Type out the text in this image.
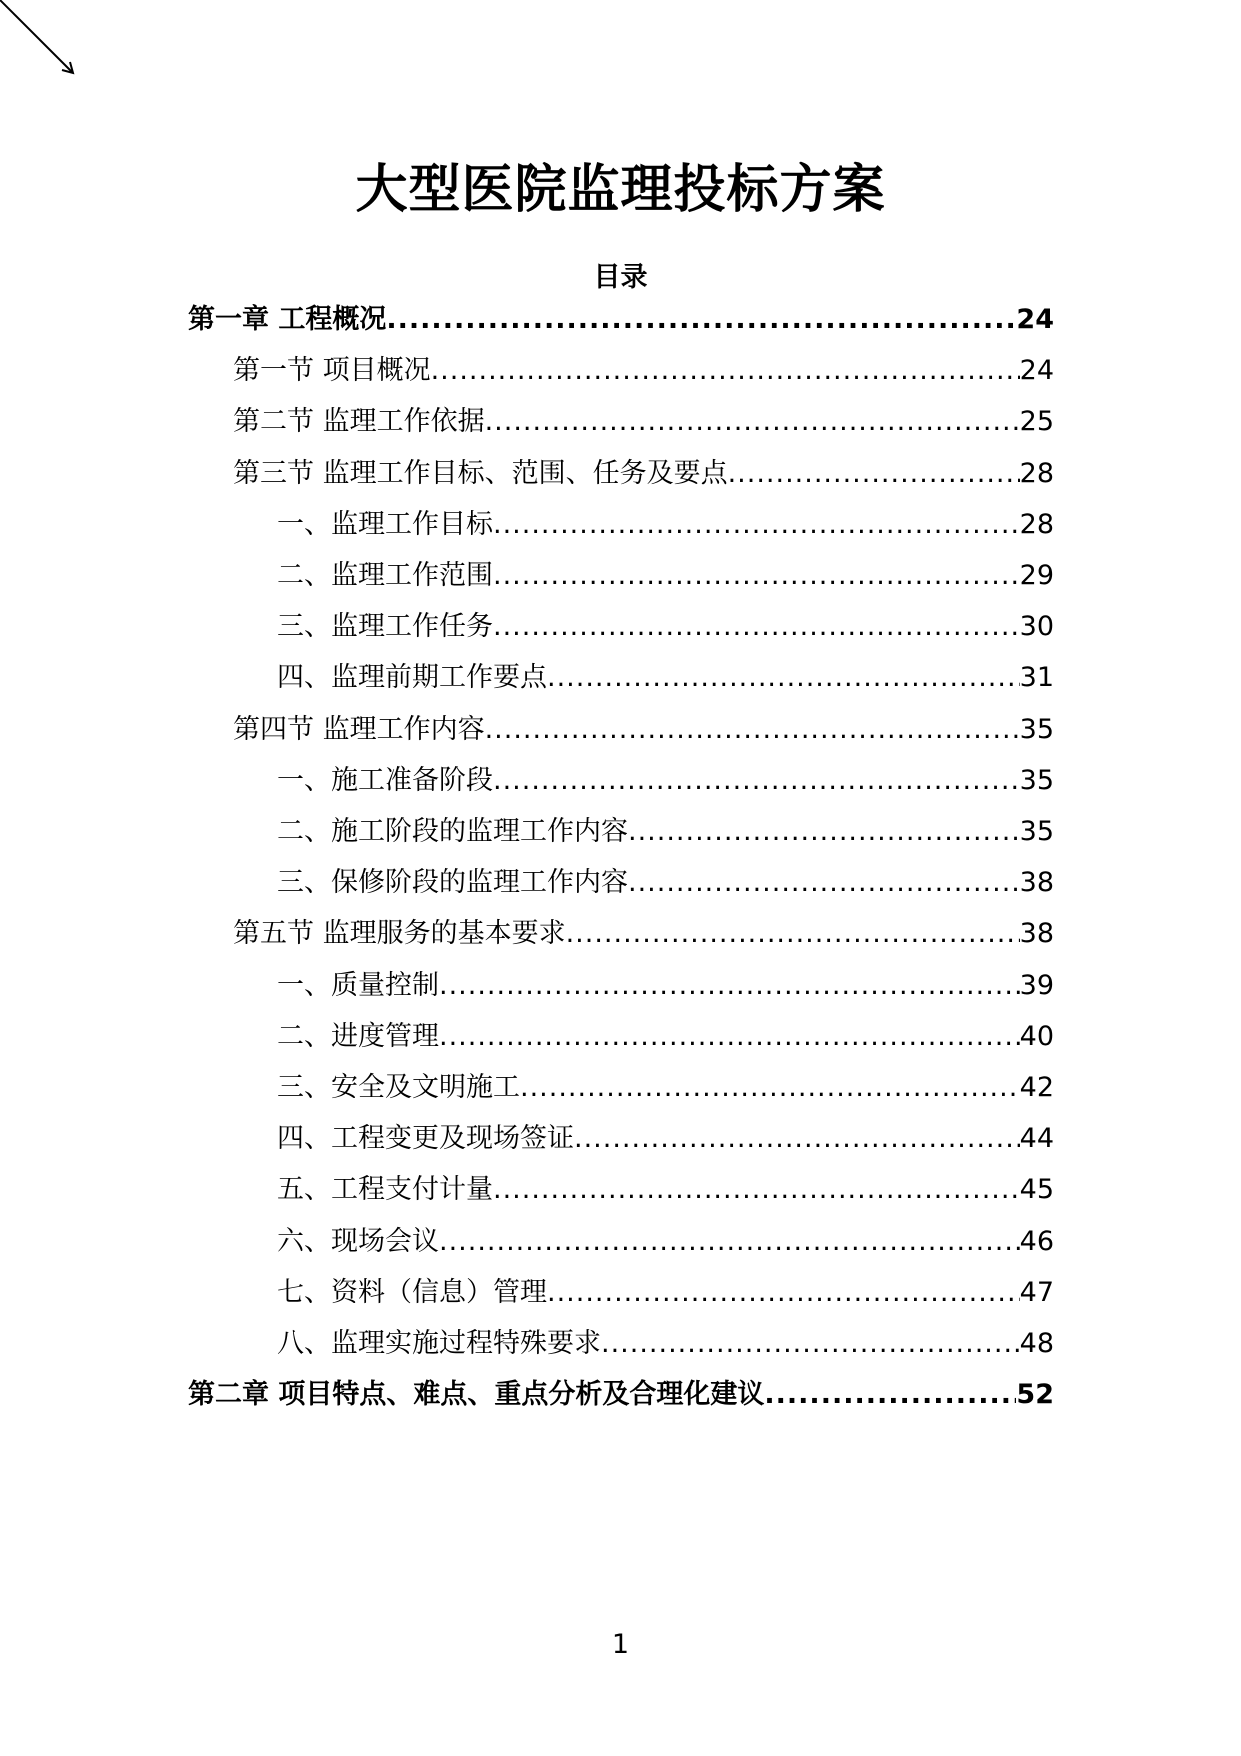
大型医院监理投标方案
目录
第一章 工程概况 .....	24
第一节 项目概况 .....	24
第二节 监理工作依据 .....	25
第三节 监理工作目标、范围、任务及要点 .....	28
一、监理工作目标 .....	28
二、监理工作范围 .....	29
三、监理工作任务 .....	30
四、监理前期工作要点 .....	31
第四节 监理工作内容 .....	35
一、施工准备阶段 .....	35
二、施工阶段的监理工作内容 .....	35
三、保修阶段的监理工作内容 .....	38
第五节 监理服务的基本要求 .....	38
一、质量控制 .....	39
二、进度管理 .....	40
三、安全及文明施工 .....	42
四、工程变更及现场签证 .....	44
五、工程支付计量 .....	45
六、现场会议 .....	46
七、资料（信息）管理 .....	47
八、监理实施过程特殊要求 .....	48
第二章 项目特点、难点、重点分析及合理化建议 .....	52
1
